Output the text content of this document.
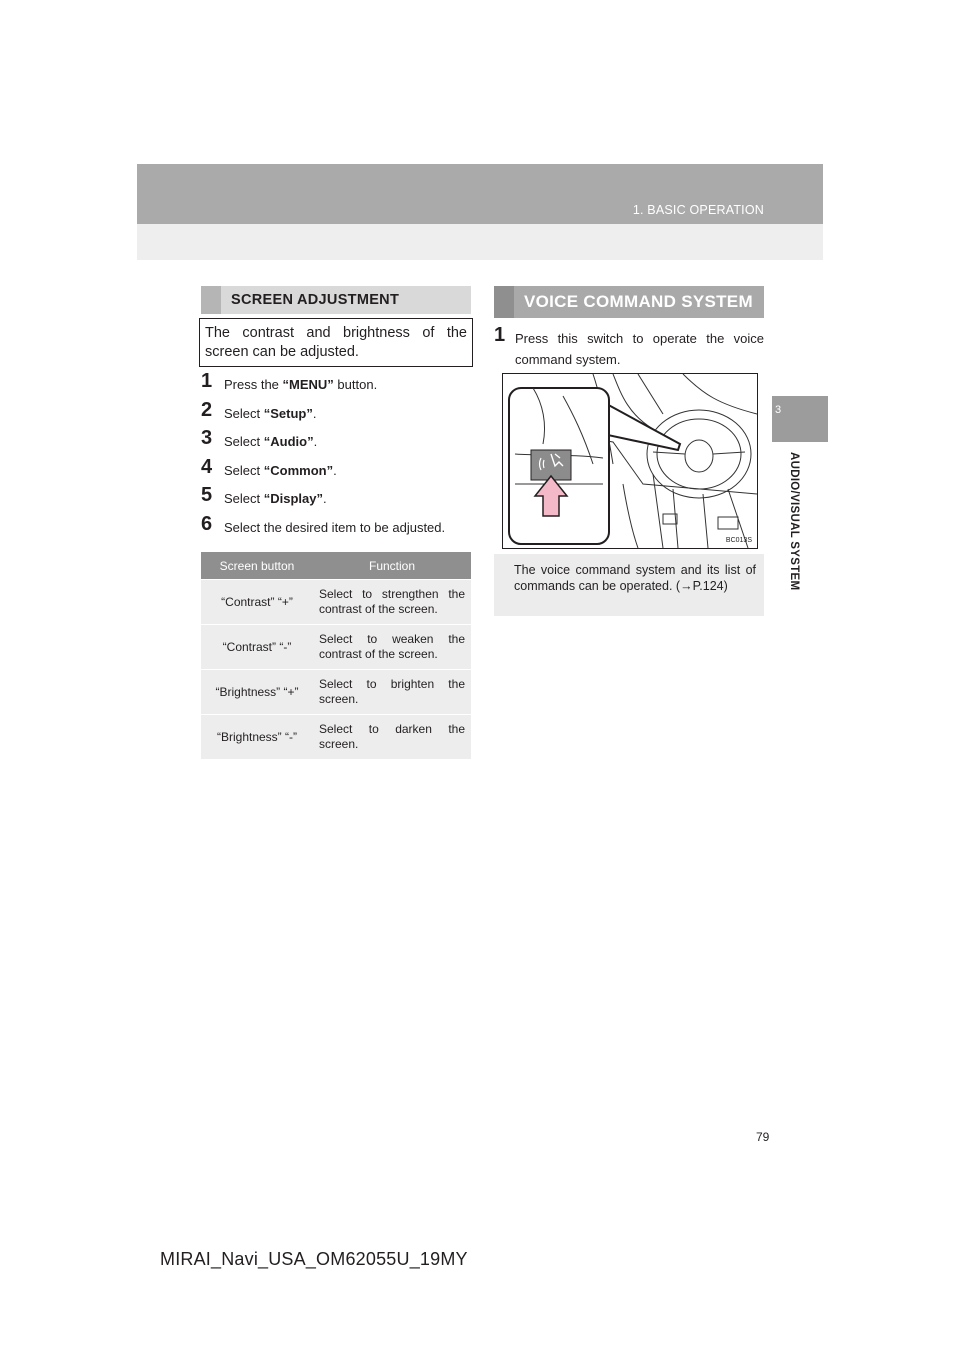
1. BASIC OPERATION
3
AUDIO/VISUAL SYSTEM
SCREEN ADJUSTMENT
The contrast and brightness of the screen can be adjusted.
1 Press the “MENU” button.
2 Select “Setup”.
3 Select “Audio”.
4 Select “Common”.
5 Select “Display”.
6 Select the desired item to be adjusted.
Screen button	Function
“Contrast” “+”	Select to strengthen the contrast of the screen.
“Contrast” “-”	Select to weaken the contrast of the screen.
“Brightness” “+”	Select to brighten the screen.
“Brightness” “-”	Select to darken the screen.
VOICE COMMAND SYSTEM
1 Press this switch to operate the voice command system.
BC013S
The voice command system and its list of commands can be operated. (→P.124)
79
MIRAI_Navi_USA_OM62055U_19MY
